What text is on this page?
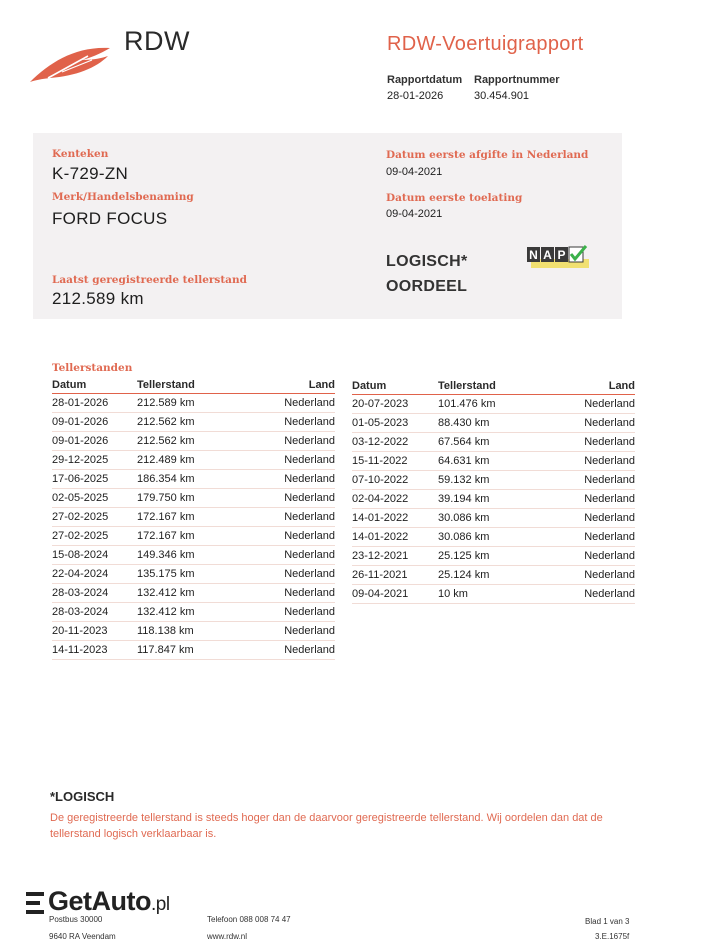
RDW	RDW-Voertuigrapport
Rapportdatum Rapportnummer
28-01-2026	30.454.901
Kenteken
K-729-ZN
Merk/Handelsbenaming
FORD FOCUS
Laatst geregistreerde tellerstand
212.589 km
Datum eerste afgifte in Nederland
09-04-2021
Datum eerste toelating
09-04-2021
LOGISCH*
OORDEEL
N A P
Tellerstanden
Datum	Tellerstand	Land
28-01-2026	212.589 km	Nederland
09-01-2026	212.562 km	Nederland
09-01-2026	212.562 km	Nederland
29-12-2025	212.489 km	Nederland
17-06-2025	186.354 km	Nederland
02-05-2025	179.750 km	Nederland
27-02-2025	172.167 km	Nederland
27-02-2025	172.167 km	Nederland
15-08-2024	149.346 km	Nederland
22-04-2024	135.175 km	Nederland
28-03-2024	132.412 km	Nederland
28-03-2024	132.412 km	Nederland
20-11-2023	118.138 km	Nederland
14-11-2023	117.847 km	Nederland
Datum	Tellerstand	Land
20-07-2023	101.476 km	Nederland
01-05-2023	88.430 km	Nederland
03-12-2022	67.564 km	Nederland
15-11-2022	64.631 km	Nederland
07-10-2022	59.132 km	Nederland
02-04-2022	39.194 km	Nederland
14-01-2022	30.086 km	Nederland
14-01-2022	30.086 km	Nederland
23-12-2021	25.125 km	Nederland
26-11-2021	25.124 km	Nederland
09-04-2021	10 km	Nederland
*LOGISCH
De geregistreerde tellerstand is steeds hoger dan de daarvoor geregistreerde tellerstand. Wij oordelen dan dat de tellerstand logisch verklaarbaar is.
GetAuto.pl
Postbus 30000
9640 RA Veendam
Telefoon 088 008 74 47
www.rdw.nl
Blad 1 van 3
3.E.1675f
